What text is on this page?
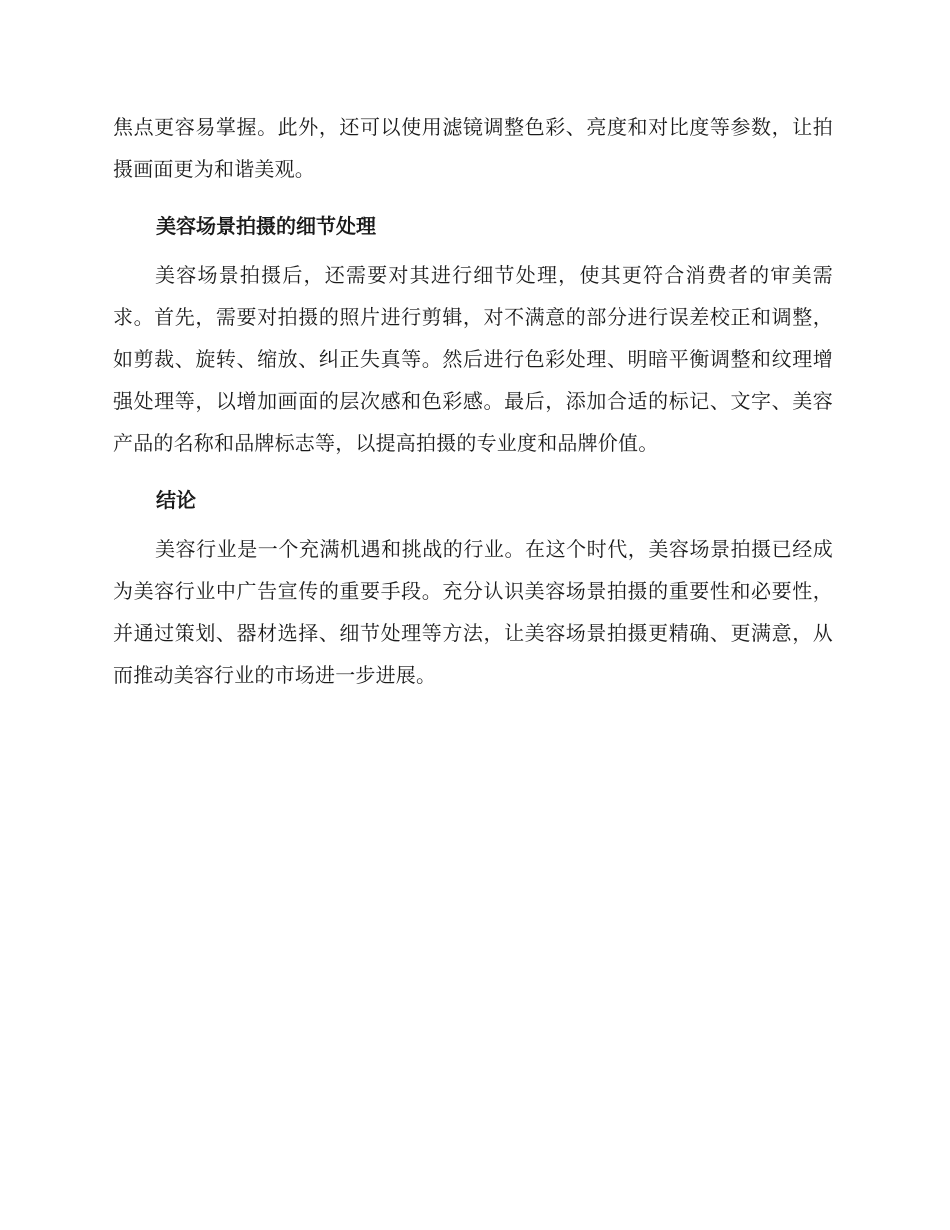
焦点更容易掌握。此外，还可以使用滤镜调整色彩、亮度和对比度等参数，让拍摄画面更为和谐美观。

美容场景拍摄的细节处理

美容场景拍摄后，还需要对其进行细节处理，使其更符合消费者的审美需求。首先，需要对拍摄的照片进行剪辑，对不满意的部分进行误差校正和调整，如剪裁、旋转、缩放、纠正失真等。然后进行色彩处理、明暗平衡调整和纹理增强处理等，以增加画面的层次感和色彩感。最后，添加合适的标记、文字、美容产品的名称和品牌标志等，以提高拍摄的专业度和品牌价值。

结论

美容行业是一个充满机遇和挑战的行业。在这个时代，美容场景拍摄已经成为美容行业中广告宣传的重要手段。充分认识美容场景拍摄的重要性和必要性，并通过策划、器材选择、细节处理等方法，让美容场景拍摄更精确、更满意，从而推动美容行业的市场进一步进展。
